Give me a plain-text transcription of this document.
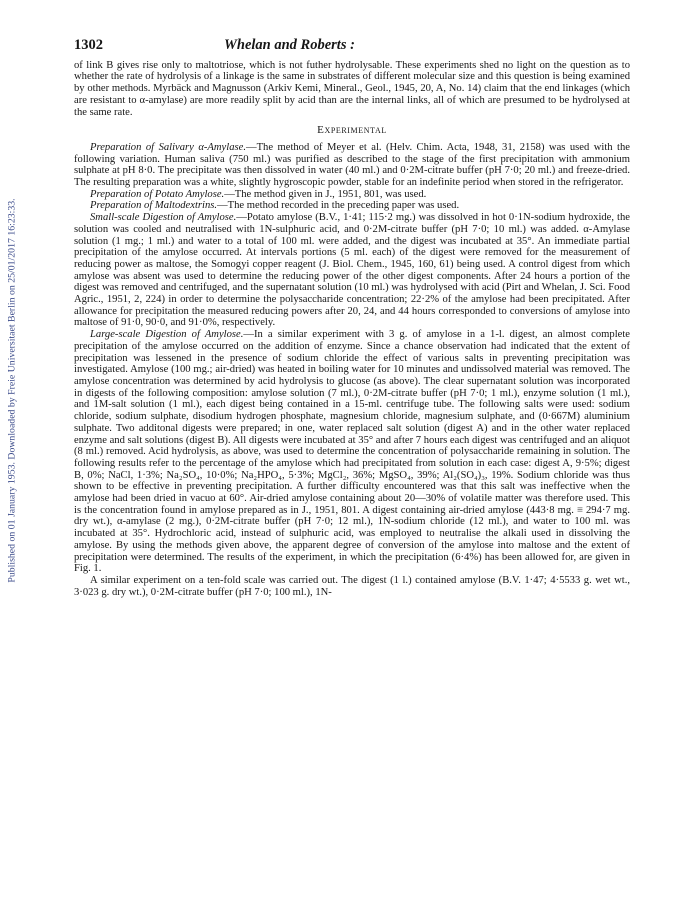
Published on 01 January 1953. Downloaded by Freie Universitaet Berlin on 25/01/2017 16:23:33.
1302	Whelan and Roberts :

of link B gives rise only to maltotriose, which is not futher hydrolysable. These experiments shed no light on the question as to whether the rate of hydrolysis of a linkage is the same in substrates of different molecular size and this question is being examined by other methods. Myrbäck and Magnusson (Arkiv Kemi, Mineral., Geol., 1945, 20, A, No. 14) claim that the end linkages (which are resistant to α-amylase) are more readily split by acid than are the internal links, all of which are presumed to be hydrolysed at the same rate.

Experimental

Preparation of Salivary α-Amylase.—The method of Meyer et al. (Helv. Chim. Acta, 1948, 31, 2158) was used with the following variation. Human saliva (750 ml.) was purified as described to the stage of the first precipitation with ammonium sulphate at pH 8·0. The precipitate was then dissolved in water (40 ml.) and 0·2M-citrate buffer (pH 7·0; 20 ml.) and freeze-dried. The resulting preparation was a white, slightly hygroscopic powder, stable for an indefinite period when stored in the refrigerator.

Preparation of Potato Amylose.—The method given in J., 1951, 801, was used.

Preparation of Maltodextrins.—The method recorded in the preceding paper was used.

Small-scale Digestion of Amylose.—Potato amylose (B.V., 1·41; 115·2 mg.) was dissolved in hot 0·1N-sodium hydroxide, the solution was cooled and neutralised with 1N-sulphuric acid, and 0·2M-citrate buffer (pH 7·0; 10 ml.) was added. α-Amylase solution (1 mg.; 1 ml.) and water to a total of 100 ml. were added, and the digest was incubated at 35°. An immediate partial precipitation of the amylose occurred. At intervals portions (5 ml. each) of the digest were removed for the measurement of reducing power as maltose, the Somogyi copper reagent (J. Biol. Chem., 1945, 160, 61) being used. A control digest from which amylose was absent was used to determine the reducing power of the other digest components. After 24 hours a portion of the digest was removed and centrifuged, and the supernatant solution (10 ml.) was hydrolysed with acid (Pirt and Whelan, J. Sci. Food Agric., 1951, 2, 224) in order to determine the polysaccharide concentration; 22·2% of the amylose had been precipitated. After allowance for precipitation the measured reducing powers after 20, 24, and 44 hours corresponded to conversions of amylose into maltose of 91·0, 90·0, and 91·0%, respectively.

Large-scale Digestion of Amylose.—In a similar experiment with 3 g. of amylose in a 1-l. digest, an almost complete precipitation of the amylose occurred on the addition of enzyme. Since a chance observation had indicated that the extent of precipitation was lessened in the presence of sodium chloride the effect of various salts in preventing precipitation was investigated. Amylose (100 mg.; air-dried) was heated in boiling water for 10 minutes and undissolved material was removed. The amylose concentration was determined by acid hydrolysis to glucose (as above). The clear supernatant solution was incorporated in digests of the following composition: amylose solution (7 ml.), 0·2M-citrate buffer (pH 7·0; 1 ml.), enzyme solution (1 ml.), and 1M-salt solution (1 ml.), each digest being contained in a 15-ml. centrifuge tube. The following salts were used: sodium chloride, sodium sulphate, disodium hydrogen phosphate, magnesium chloride, magnesium sulphate, and (0·667M) aluminium sulphate. Two additonal digests were prepared; in one, water replaced salt solution (digest A) and in the other water replaced enzyme and salt solutions (digest B). All digests were incubated at 35° and after 7 hours each digest was centrifuged and an aliquot (8 ml.) removed. Acid hydrolysis, as above, was used to determine the concentration of polysaccharide remaining in solution. The following results refer to the percentage of the amylose which had precipitated from solution in each case: digest A, 9·5%; digest B, 0%; NaCl, 1·3%; Na₂SO₄, 10·0%; Na₂HPO₄, 5·3%; MgCl₂, 36%; MgSO₄, 39%; Al₂(SO₄)₃, 19%. Sodium chloride was thus shown to be effective in preventing precipitation. A further difficulty encountered was that this salt was ineffective when the amylose had been dried in vacuo at 60°. Air-dried amylose containing about 20—30% of volatile matter was therefore used. This is the concentration found in amylose prepared as in J., 1951, 801. A digest containing air-dried amylose (443·8 mg. ≡ 294·7 mg. dry wt.), α-amylase (2 mg.), 0·2M-citrate buffer (pH 7·0; 12 ml.), 1N-sodium chloride (12 ml.), and water to 100 ml. was incubated at 35°. Hydrochloric acid, instead of sulphuric acid, was employed to neutralise the alkali used in dissolving the amylose. By using the methods given above, the apparent degree of conversion of the amylose into maltose and the extent of precipitation were determined. The results of the experiment, in which the precipitation (6·4%) has been allowed for, are given in Fig. 1.

A similar experiment on a ten-fold scale was carried out. The digest (1 l.) contained amylose (B.V. 1·47; 4·5533 g. wet wt., 3·023 g. dry wt.), 0·2M-citrate buffer (pH 7·0; 100 ml.), 1N-
